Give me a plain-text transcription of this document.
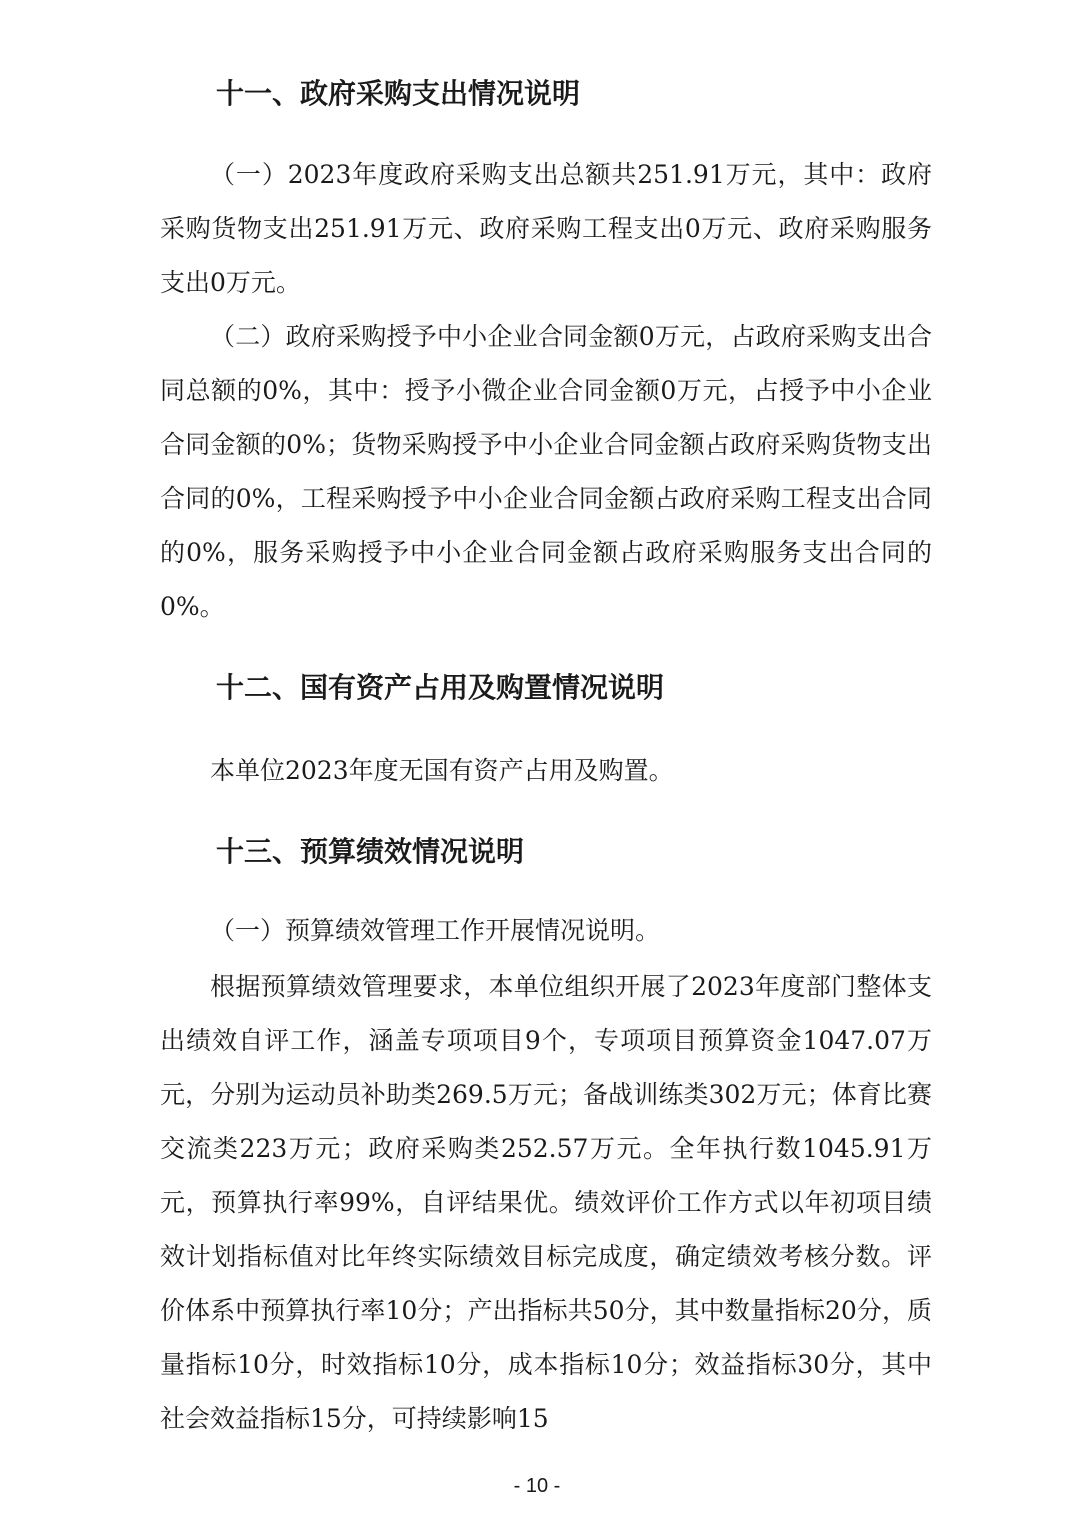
十一、政府采购支出情况说明

（一）2023年度政府采购支出总额共251.91万元，其中：政府采购货物支出251.91万元、政府采购工程支出0万元、政府采购服务支出0万元。

（二）政府采购授予中小企业合同金额0万元，占政府采购支出合同总额的0%，其中：授予小微企业合同金额0万元，占授予中小企业合同金额的0%；货物采购授予中小企业合同金额占政府采购货物支出合同的0%，工程采购授予中小企业合同金额占政府采购工程支出合同的0%，服务采购授予中小企业合同金额占政府采购服务支出合同的0%。

十二、国有资产占用及购置情况说明

本单位2023年度无国有资产占用及购置。

十三、预算绩效情况说明

（一）预算绩效管理工作开展情况说明。

根据预算绩效管理要求，本单位组织开展了2023年度部门整体支出绩效自评工作，涵盖专项项目9个，专项项目预算资金1047.07万元，分别为运动员补助类269.5万元；备战训练类302万元；体育比赛交流类223万元；政府采购类252.57万元。全年执行数1045.91万元，预算执行率99%，自评结果优。绩效评价工作方式以年初项目绩效计划指标值对比年终实际绩效目标完成度，确定绩效考核分数。评价体系中预算执行率10分；产出指标共50分，其中数量指标20分，质量指标10分，时效指标10分，成本指标10分；效益指标30分，其中社会效益指标15分，可持续影响15

- 10 -
